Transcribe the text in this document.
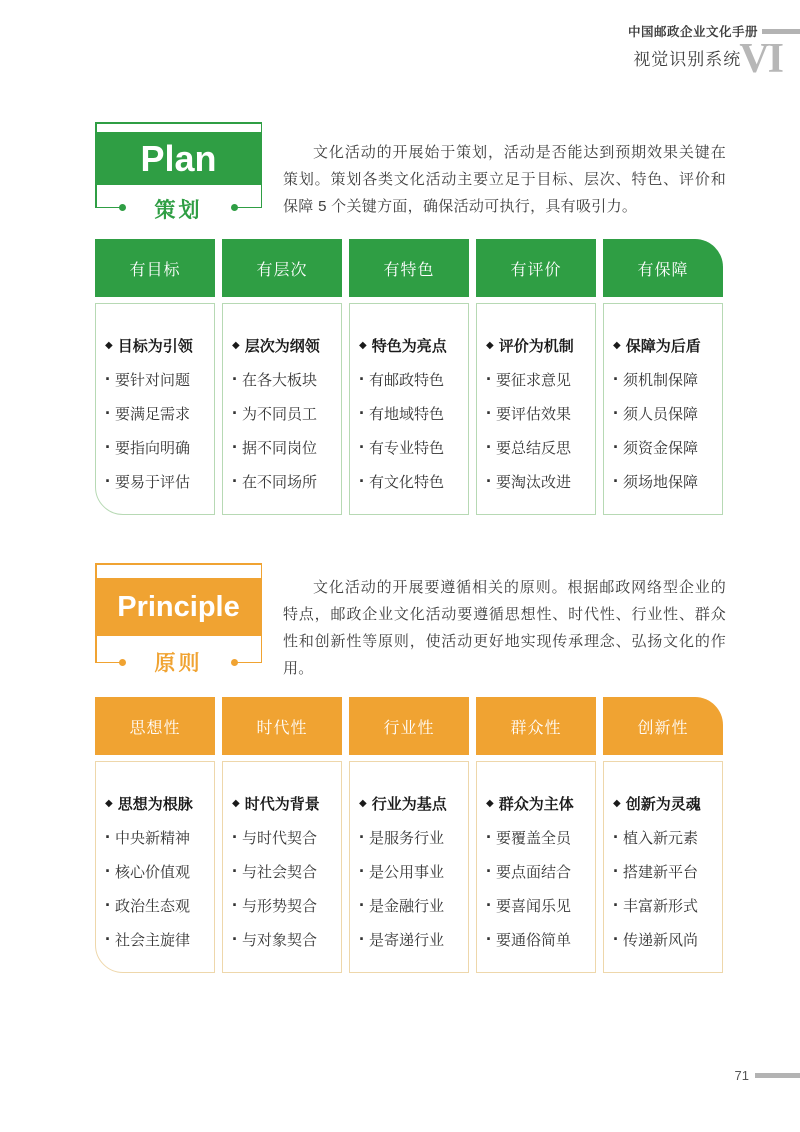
中国邮政企业文化手册
视觉识别系统
VI
Plan
策划

文化活动的开展始于策划，活动是否能达到预期效果关键在策划。策划各类文化活动主要立足于目标、层次、特色、评价和保障 5 个关键方面，确保活动可执行，具有吸引力。

有目标
◆ 目标为引领
· 要针对问题
· 要满足需求
· 要指向明确
· 要易于评估
有层次
◆ 层次为纲领
· 在各大板块
· 为不同员工
· 据不同岗位
· 在不同场所
有特色
◆ 特色为亮点
· 有邮政特色
· 有地域特色
· 有专业特色
· 有文化特色
有评价
◆ 评价为机制
· 要征求意见
· 要评估效果
· 要总结反思
· 要淘汰改进
有保障
◆ 保障为后盾
· 须机制保障
· 须人员保障
· 须资金保障
· 须场地保障
Principle
原则

文化活动的开展要遵循相关的原则。根据邮政网络型企业的特点，邮政企业文化活动要遵循思想性、时代性、行业性、群众性和创新性等原则，使活动更好地实现传承理念、弘扬文化的作用。

思想性
◆ 思想为根脉
· 中央新精神
· 核心价值观
· 政治生态观
· 社会主旋律
时代性
◆ 时代为背景
· 与时代契合
· 与社会契合
· 与形势契合
· 与对象契合
行业性
◆ 行业为基点
· 是服务行业
· 是公用事业
· 是金融行业
· 是寄递行业
群众性
◆ 群众为主体
· 要覆盖全员
· 要点面结合
· 要喜闻乐见
· 要通俗简单
创新性
◆ 创新为灵魂
· 植入新元素
· 搭建新平台
· 丰富新形式
· 传递新风尚
71
